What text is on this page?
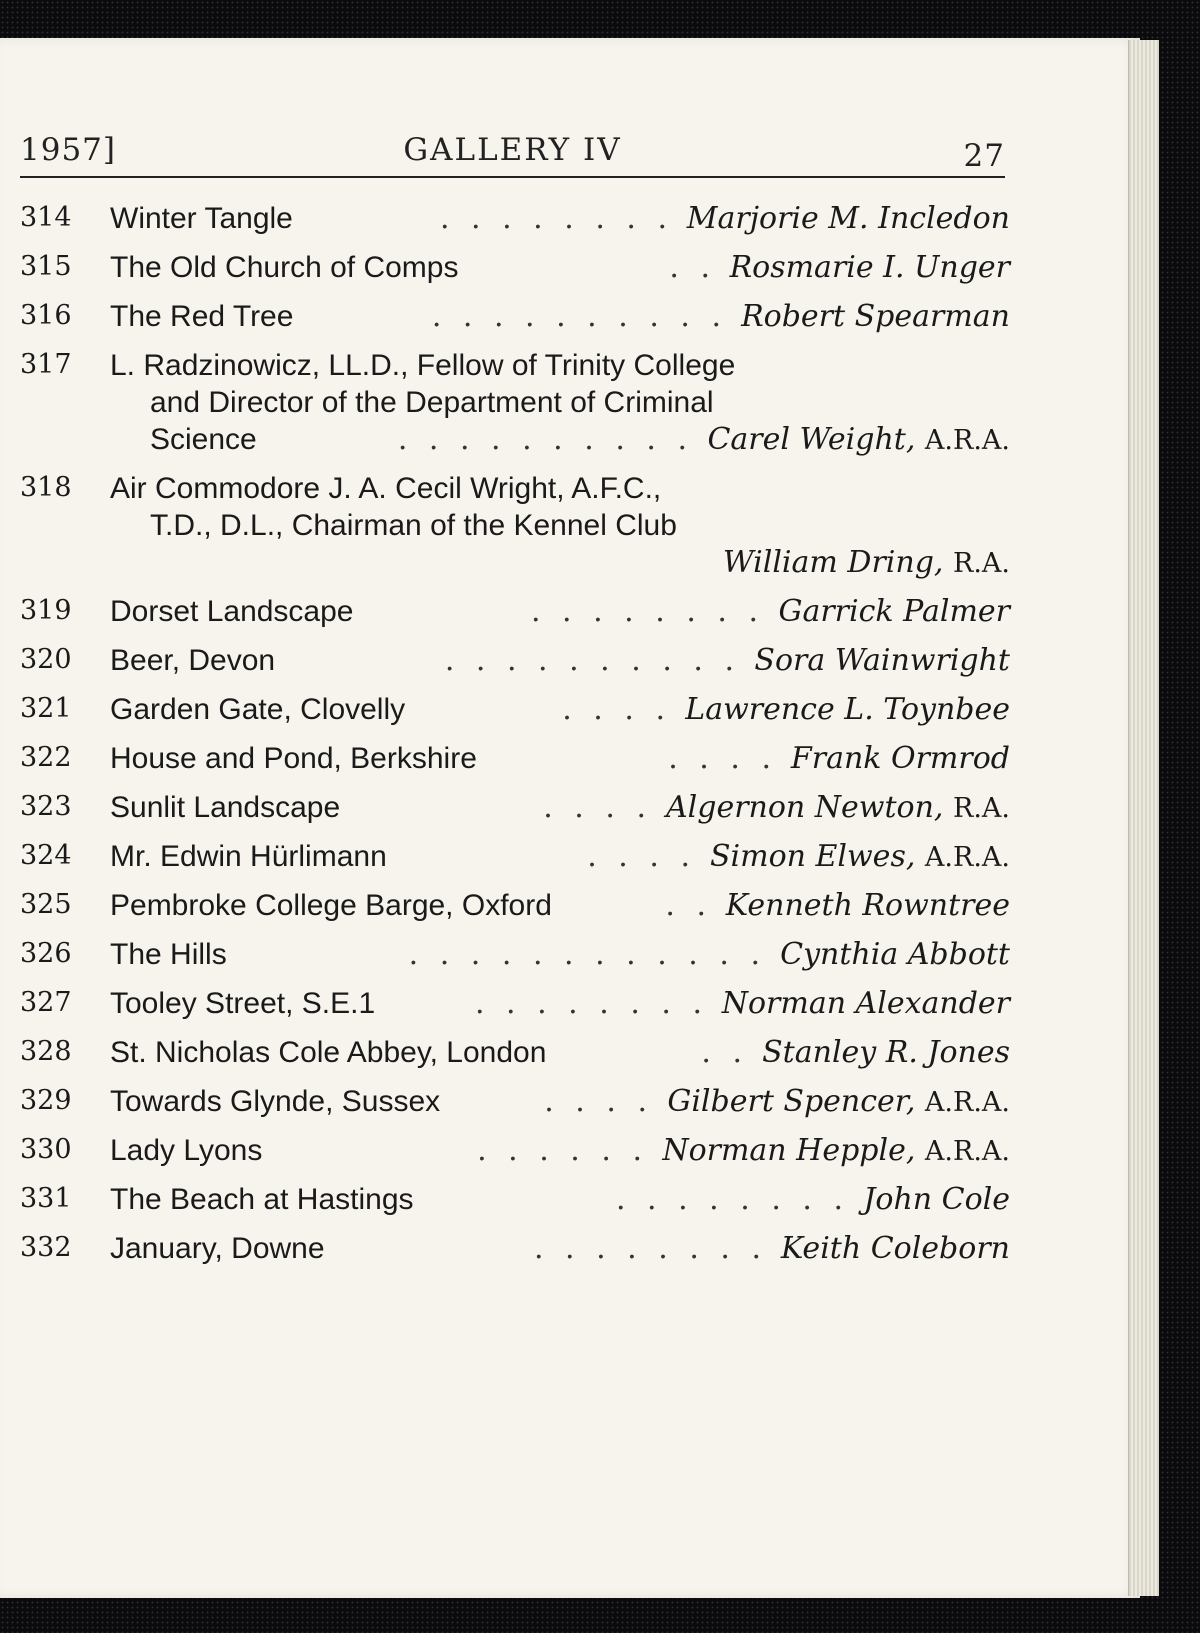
1957]	GALLERY IV	27
314 Winter Tangle	. . . . . . . . Marjorie M. Incledon
315 The Old Church of Comps	. . Rosmarie I. Unger
316 The Red Tree	. . . . . . . . . . Robert Spearman
317 L. Radzinowicz, LL.D., Fellow of Trinity College
and Director of the Department of Criminal
Science	. . . . . . . . . . Carel Weight, A.R.A.
318 Air Commodore J. A. Cecil Wright, A.F.C.,
T.D., D.L., Chairman of the Kennel Club
William Dring, R.A.
319 Dorset Landscape	. . . . . . . . Garrick Palmer
320 Beer, Devon	. . . . . . . . . . Sora Wainwright
321 Garden Gate, Clovelly	. . . . Lawrence L. Toynbee
322 House and Pond, Berkshire	. . . . Frank Ormrod
323 Sunlit Landscape	. . . . Algernon Newton, R.A.
324 Mr. Edwin Hürlimann	. . . . Simon Elwes, A.R.A.
325 Pembroke College Barge, Oxford	. . Kenneth Rowntree
326 The Hills	. . . . . . . . . . . . Cynthia Abbott
327 Tooley Street, S.E.1	. . . . . . . . Norman Alexander
328 St. Nicholas Cole Abbey, London	. . Stanley R. Jones
329 Towards Glynde, Sussex	. . . . Gilbert Spencer, A.R.A.
330 Lady Lyons	. . . . . . Norman Hepple, A.R.A.
331 The Beach at Hastings	. . . . . . . . John Cole
332 January, Downe	. . . . . . . . Keith Coleborn
